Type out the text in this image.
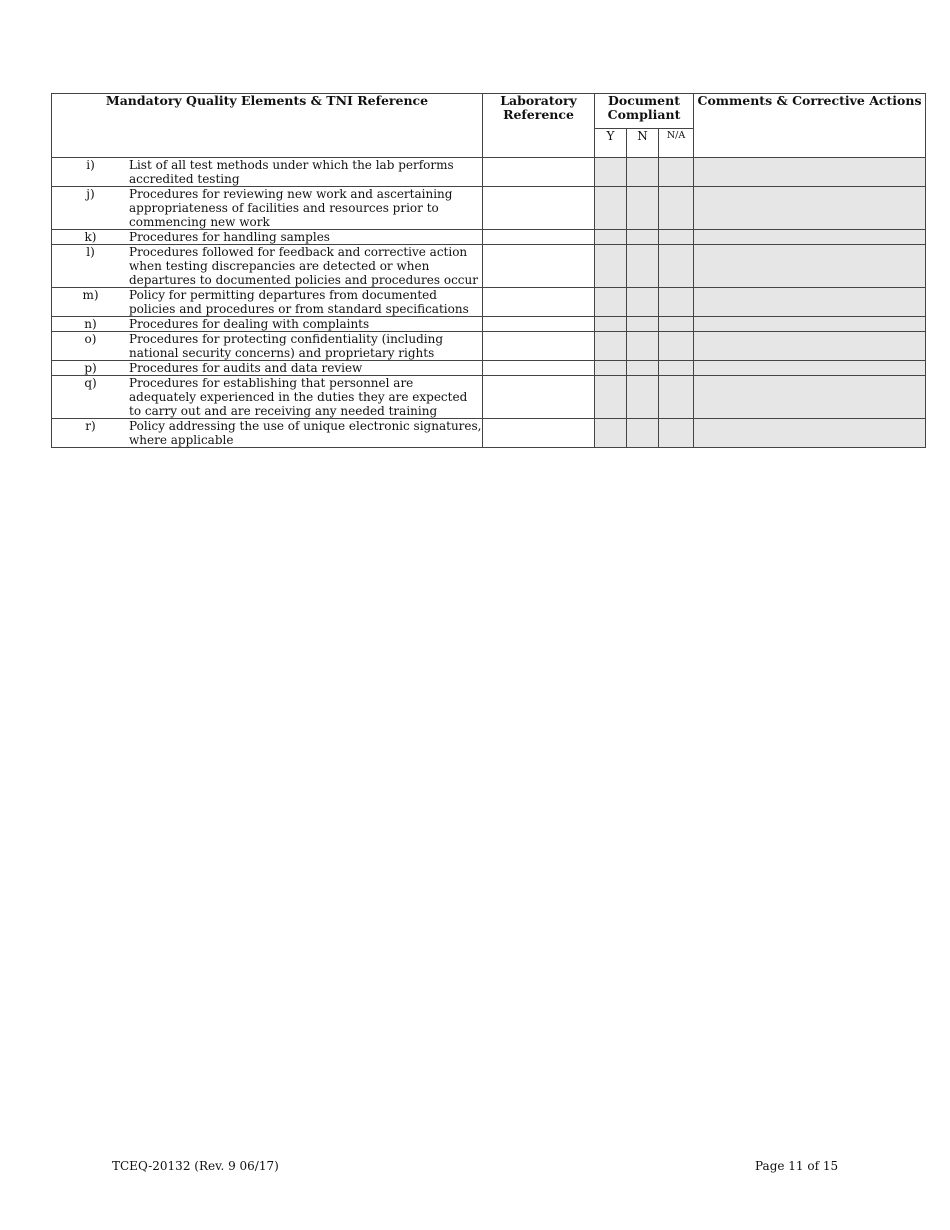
Mandatory Quality Elements & TNI Reference	Laboratory Reference	Document Compliant			Comments & Corrective Actions
		Y	N	N/A	

i) List of all test methods under which the lab performs accredited testing					

j) Procedures for reviewing new work and ascertaining appropriateness of facilities and resources prior to commencing new work					

k) Procedures for handling samples					

l) Procedures followed for feedback and corrective action when testing discrepancies are detected or when departures to documented policies and procedures occur					

m) Policy for permitting departures from documented policies and procedures or from standard specifications					

n) Procedures for dealing with complaints					

o) Procedures for protecting confidentiality (including national security concerns) and proprietary rights					

p) Procedures for audits and data review					

q) Procedures for establishing that personnel are adequately experienced in the duties they are expected to carry out and are receiving any needed training					

r) Policy addressing the use of unique electronic signatures, where applicable					

TCEQ-20132 (Rev. 9 06/17)	Page 11 of 15
